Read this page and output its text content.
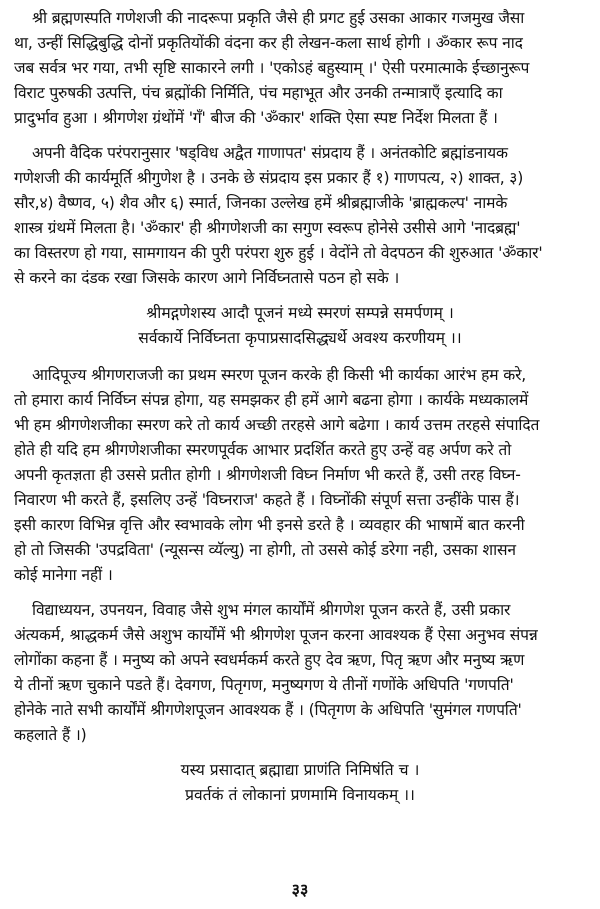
श्री ब्रह्मणस्पति गणेशजी की नादरूपा प्रकृति जैसे ही प्रगट हुई उसका आकार गजमुख जैसा
था, उन्हीं सिद्धिबुद्धि दोनों प्रकृतियोंकी वंदना कर ही लेखन-कला सार्थ होगी । ॐकार रूप नाद
जब सर्वत्र भर गया, तभी सृष्टि साकारने लगी । 'एकोऽहं बहुस्याम् ।' ऐसी परमात्माके ईच्छानुरूप
विराट पुरुषकी उत्पत्ति, पंच ब्रह्मोंकी निर्मिति, पंच महाभूत और उनकी तन्मात्राएँ इत्यादि का
प्रादुर्भाव हुआ । श्रीगणेश ग्रंथोंमें 'गँ' बीज की 'ॐकार' शक्ति ऐसा स्पष्ट निर्देश मिलता हैं ।
अपनी वैदिक परंपरानुसार 'षड्विध अद्वैत गाणापत' संप्रदाय हैं । अनंतकोटि ब्रह्मांडनायक
गणेशजी की कार्यमूर्ति श्रीगुणेश है । उनके छे संप्रदाय इस प्रकार हैं १) गाणपत्य, २) शाक्त, ३)
सौर,४) वैष्णव, ५) शैव और ६) स्मार्त, जिनका उल्लेख हमें श्रीब्रह्माजीके 'ब्राह्मकल्प' नामके
शास्त्र ग्रंथमें मिलता है। 'ॐकार' ही श्रीगणेशजी का सगुण स्वरूप होनेसे उसीसे आगे 'नादब्रह्म'
का विस्तरण हो गया, सामगायन की पुरी परंपरा शुरु हुई । वेदोंने तो वेदपठन की शुरुआत 'ॐकार'
से करने का दंडक रखा जिसके कारण आगे निर्विघ्नतासे पठन हो सके ।
श्रीमद्गणेशस्य आदौ पूजनं मध्ये स्मरणं सम्पन्ने समर्पणम् ।
सर्वकार्ये निर्विघ्नता कृपाप्रसादसिद्ध्यर्थे अवश्य करणीयम् ।।
आदिपूज्य श्रीगणराजजी का प्रथम स्मरण पूजन करके ही किसी भी कार्यका आरंभ हम करे,
तो हमारा कार्य निर्विघ्न संपन्न होगा, यह समझकर ही हमें आगे बढना होगा । कार्यके मध्यकालमें
भी हम श्रीगणेशजीका स्मरण करे तो कार्य अच्छी तरहसे आगे बढेगा । कार्य उत्तम तरहसे संपादित
होते ही यदि हम श्रीगणेशजीका स्मरणपूर्वक आभार प्रदर्शित करते हुए उन्हें वह अर्पण करे तो
अपनी कृतज्ञता ही उससे प्रतीत होगी । श्रीगणेशजी विघ्न निर्माण भी करते हैं, उसी तरह विघ्न-
निवारण भी करते हैं, इसलिए उन्हें 'विघ्नराज' कहते हैं । विघ्नोंकी संपूर्ण सत्ता उन्हींके पास हैं।
इसी कारण विभिन्न वृत्ति और स्वभावके लोग भी इनसे डरते है । व्यवहार की भाषामें बात करनी
हो तो जिसकी 'उपद्रविता' (न्यूसन्स व्यॅल्यु) ना होगी, तो उससे कोई डरेगा नही, उसका शासन
कोई मानेगा नहीं ।
विद्याध्ययन, उपनयन, विवाह जैसे शुभ मंगल कार्योंमें श्रीगणेश पूजन करते हैं, उसी प्रकार
अंत्यकर्म, श्राद्धकर्म जैसे अशुभ कार्योंमें भी श्रीगणेश पूजन करना आवश्यक हैं ऐसा अनुभव संपन्न
लोगोंका कहना हैं । मनुष्य को अपने स्वधर्मकर्म करते हुए देव ऋण, पितृ ऋण और मनुष्य ऋण
ये तीनों ऋण चुकाने पडते हैं। देवगण, पितृगण, मनुष्यगण ये तीनों गणोंके अधिपति 'गणपति'
होनेके नाते सभी कार्योंमें श्रीगणेशपूजन आवश्यक हैं । (पितृगण के अधिपति 'सुमंगल गणपति'
कहलाते हैं ।)
यस्य प्रसादात् ब्रह्माद्या प्राणंति निमिषंति च ।
प्रवर्तकं तं लोकानां प्रणमामि विनायकम् ।।
३३
